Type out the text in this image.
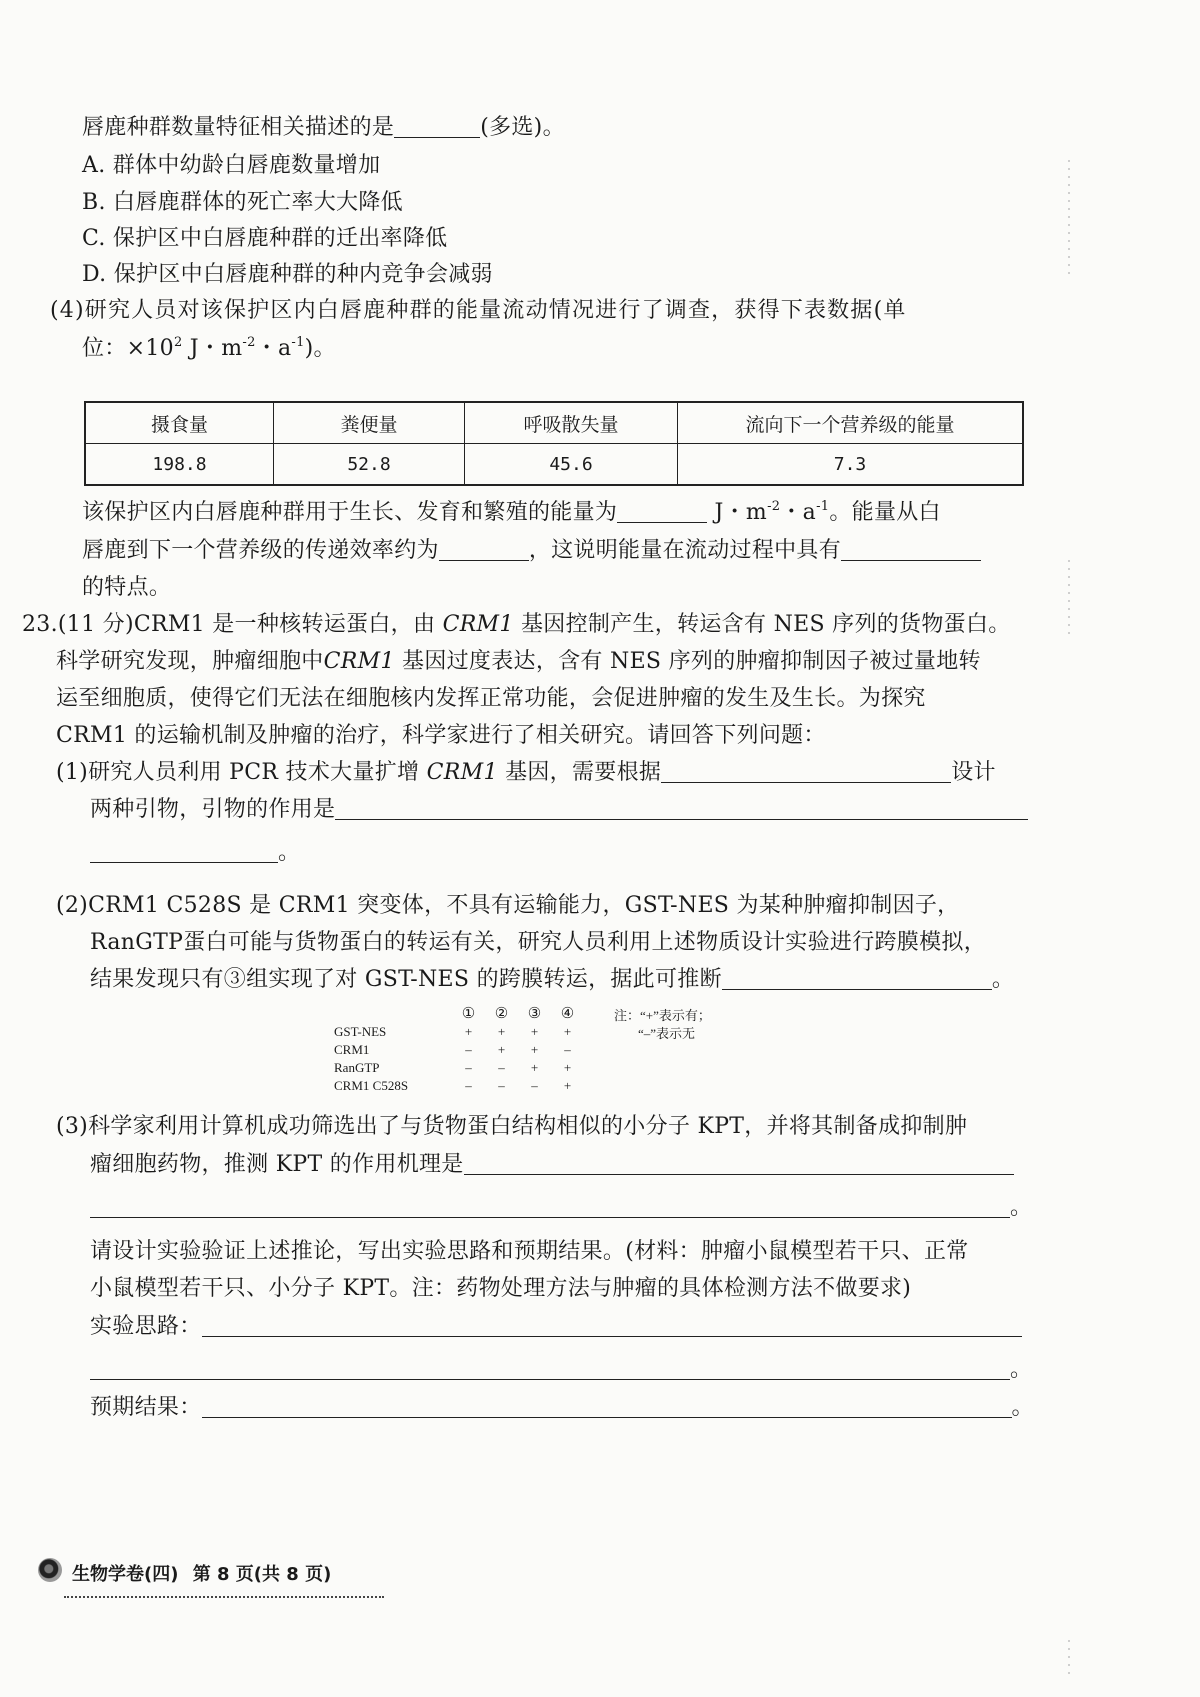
唇鹿种群数量特征相关描述的是	(多选)。
A. 群体中幼龄白唇鹿数量增加
B. 白唇鹿群体的死亡率大大降低
C. 保护区中白唇鹿种群的迁出率降低
D. 保护区中白唇鹿种群的种内竞争会减弱
(4)研究人员对该保护区内白唇鹿种群的能量流动情况进行了调查，获得下表数据(单
位：$\times 10^2$ J・$m^{-2}$・$a^{-1}$)。
摄食量	粪便量	呼吸散失量	流向下一个营养级的能量
198.8	52.8	45.6	7.3
该保护区内白唇鹿种群用于生长、发育和繁殖的能量为	J・$m^{-2}$・$a^{-1}$。能量从白
唇鹿到下一个营养级的传递效率约为	，这说明能量在流动过程中具有
的特点。
23.(11 分)CRM1 是一种核转运蛋白，由 CRM1 基因控制产生，转运含有 NES 序列的货物蛋白。
科学研究发现，肿瘤细胞中CRM1 基因过度表达，含有 NES 序列的肿瘤抑制因子被过量地转
运至细胞质，使得它们无法在细胞核内发挥正常功能，会促进肿瘤的发生及生长。为探究
CRM1 的运输机制及肿瘤的治疗，科学家进行了相关研究。请回答下列问题：
(1)研究人员利用 PCR 技术大量扩增 CRM1 基因，需要根据	设计
两种引物，引物的作用是
。
(2)CRM1 C528S 是 CRM1 突变体，不具有运输能力，GST-NES 为某种肿瘤抑制因子，
RanGTP蛋白可能与货物蛋白的转运有关，研究人员利用上述物质设计实验进行跨膜模拟，
结果发现只有③组实现了对 GST-NES 的跨膜转运，据此可推断	。
①	②	③	④
GST-NES	+	+	+	+
CRM1	–	+	+	–
RanGTP	–	–	+	+
CRM1 C528S	–	–	–	+
注：“+”表示有；
“–”表示无
(3)科学家利用计算机成功筛选出了与货物蛋白结构相似的小分子 KPT，并将其制备成抑制肿
瘤细胞药物，推测 KPT 的作用机理是
。
请设计实验验证上述推论，写出实验思路和预期结果。(材料：肿瘤小鼠模型若干只、正常
小鼠模型若干只、小分子 KPT。注：药物处理方法与肿瘤的具体检测方法不做要求)
实验思路：
。
预期结果：	。
生物学卷(四) 第 8 页(共 8 页)
